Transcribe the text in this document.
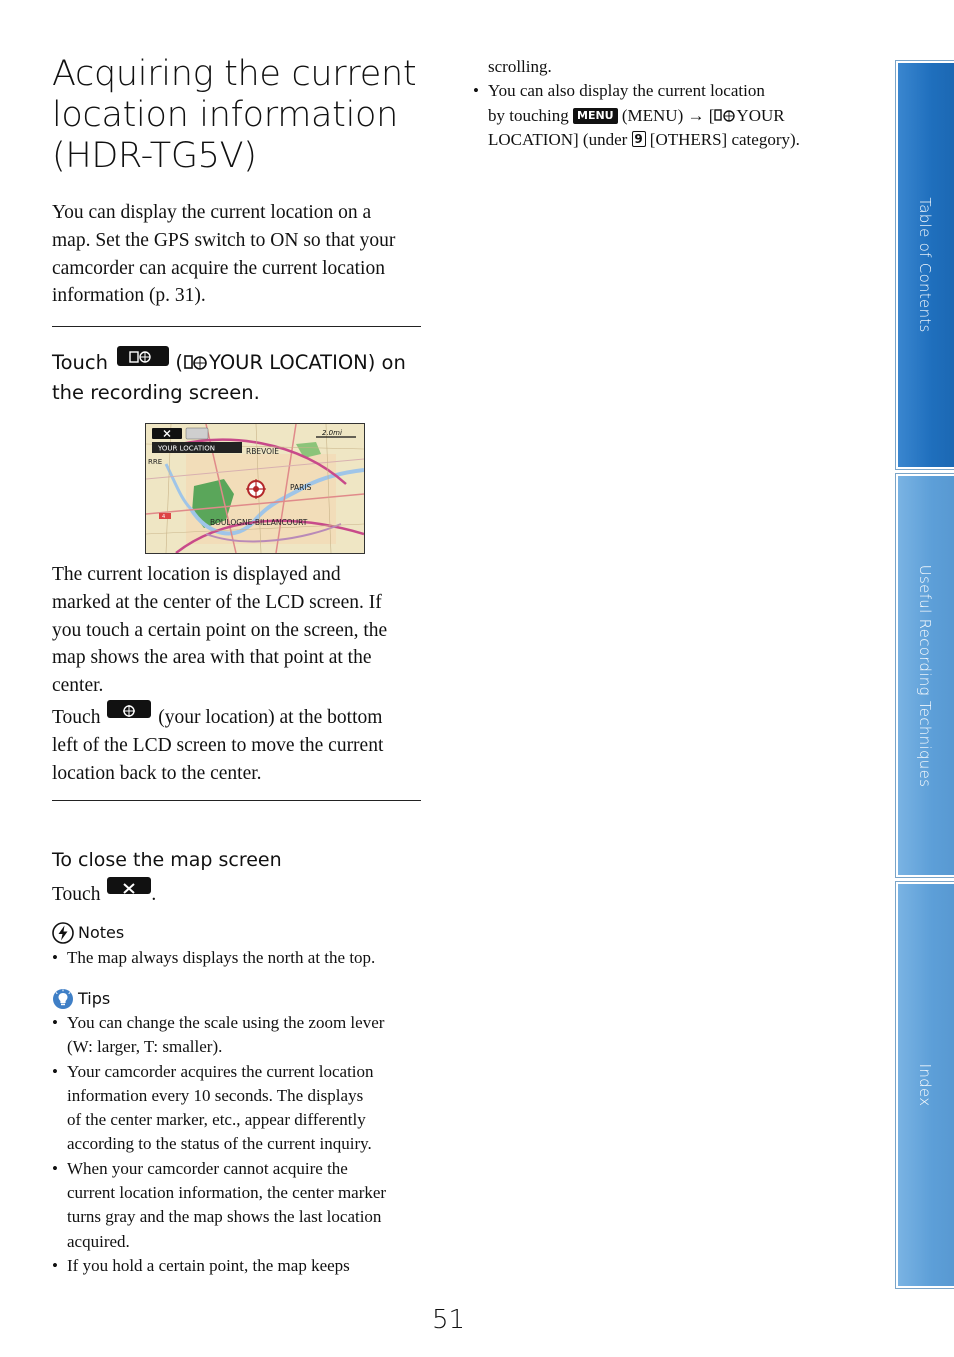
Acquiring the current
location information
(HDR-TG5V)
You can display the current location on a
map. Set the GPS switch to ON so that your
camcorder can acquire the current location
information (p. 31).
Touch	( YOUR LOCATION) on
the recording screen.
YOUR LOCATION
2.0mi
RBEVOIE
RRE
PARIS
BOULOGNE-BILLANCOURT
4
The current location is displayed and
marked at the center of the LCD screen. If
you touch a certain point on the screen, the
map shows the area with that point at the
center.
Touch	(your location) at the bottom
left of the LCD screen to move the current
location back to the center.
To close the map screen
Touch	.
Notes
• The map always displays the north at the top.
Tips
• You can change the scale using the zoom lever
(W: larger, T: smaller).
• Your camcorder acquires the current location
information every 10 seconds. The displays
of the center marker, etc., appear differently
according to the status of the current inquiry.
• When your camcorder cannot acquire the
current location information, the center marker
turns gray and the map shows the last location
acquired.
• If you hold a certain point, the map keeps
scrolling.
• You can also display the current location
by touching MENU (MENU) → [ YOUR
LOCATION] (under 9 [OTHERS] category).
Table of Contents
Useful Recording Techniques
Index
51
